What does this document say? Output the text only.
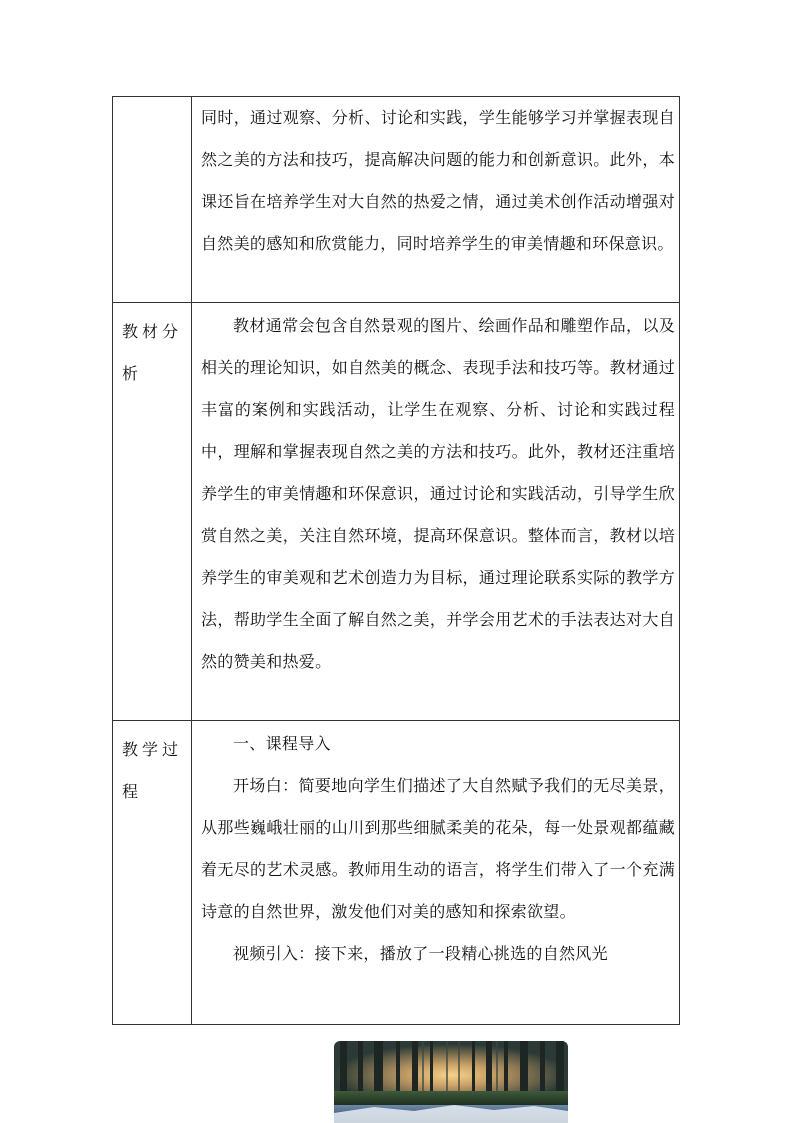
同时，通过观察、分析、讨论和实践，学生能够学习并掌握表现自然之美的方法和技巧，提高解决问题的能力和创新意识。此外，本课还旨在培养学生对大自然的热爱之情，通过美术创作活动增强对自然美的感知和欣赏能力，同时培养学生的审美情趣和环保意识。

教材分析

教材通常会包含自然景观的图片、绘画作品和雕塑作品，以及相关的理论知识，如自然美的概念、表现手法和技巧等。教材通过丰富的案例和实践活动，让学生在观察、分析、讨论和实践过程中，理解和掌握表现自然之美的方法和技巧。此外，教材还注重培养学生的审美情趣和环保意识，通过讨论和实践活动，引导学生欣赏自然之美，关注自然环境，提高环保意识。整体而言，教材以培养学生的审美观和艺术创造力为目标，通过理论联系实际的教学方法，帮助学生全面了解自然之美，并学会用艺术的手法表达对大自然的赞美和热爱。

教学过程

一、课程导入

开场白：简要地向学生们描述了大自然赋予我们的无尽美景，从那些巍峨壮丽的山川到那些细腻柔美的花朵，每一处景观都蕴藏着无尽的艺术灵感。教师用生动的语言，将学生们带入了一个充满诗意的自然世界，激发他们对美的感知和探索欲望。

视频引入：接下来，播放了一段精心挑选的自然风光
